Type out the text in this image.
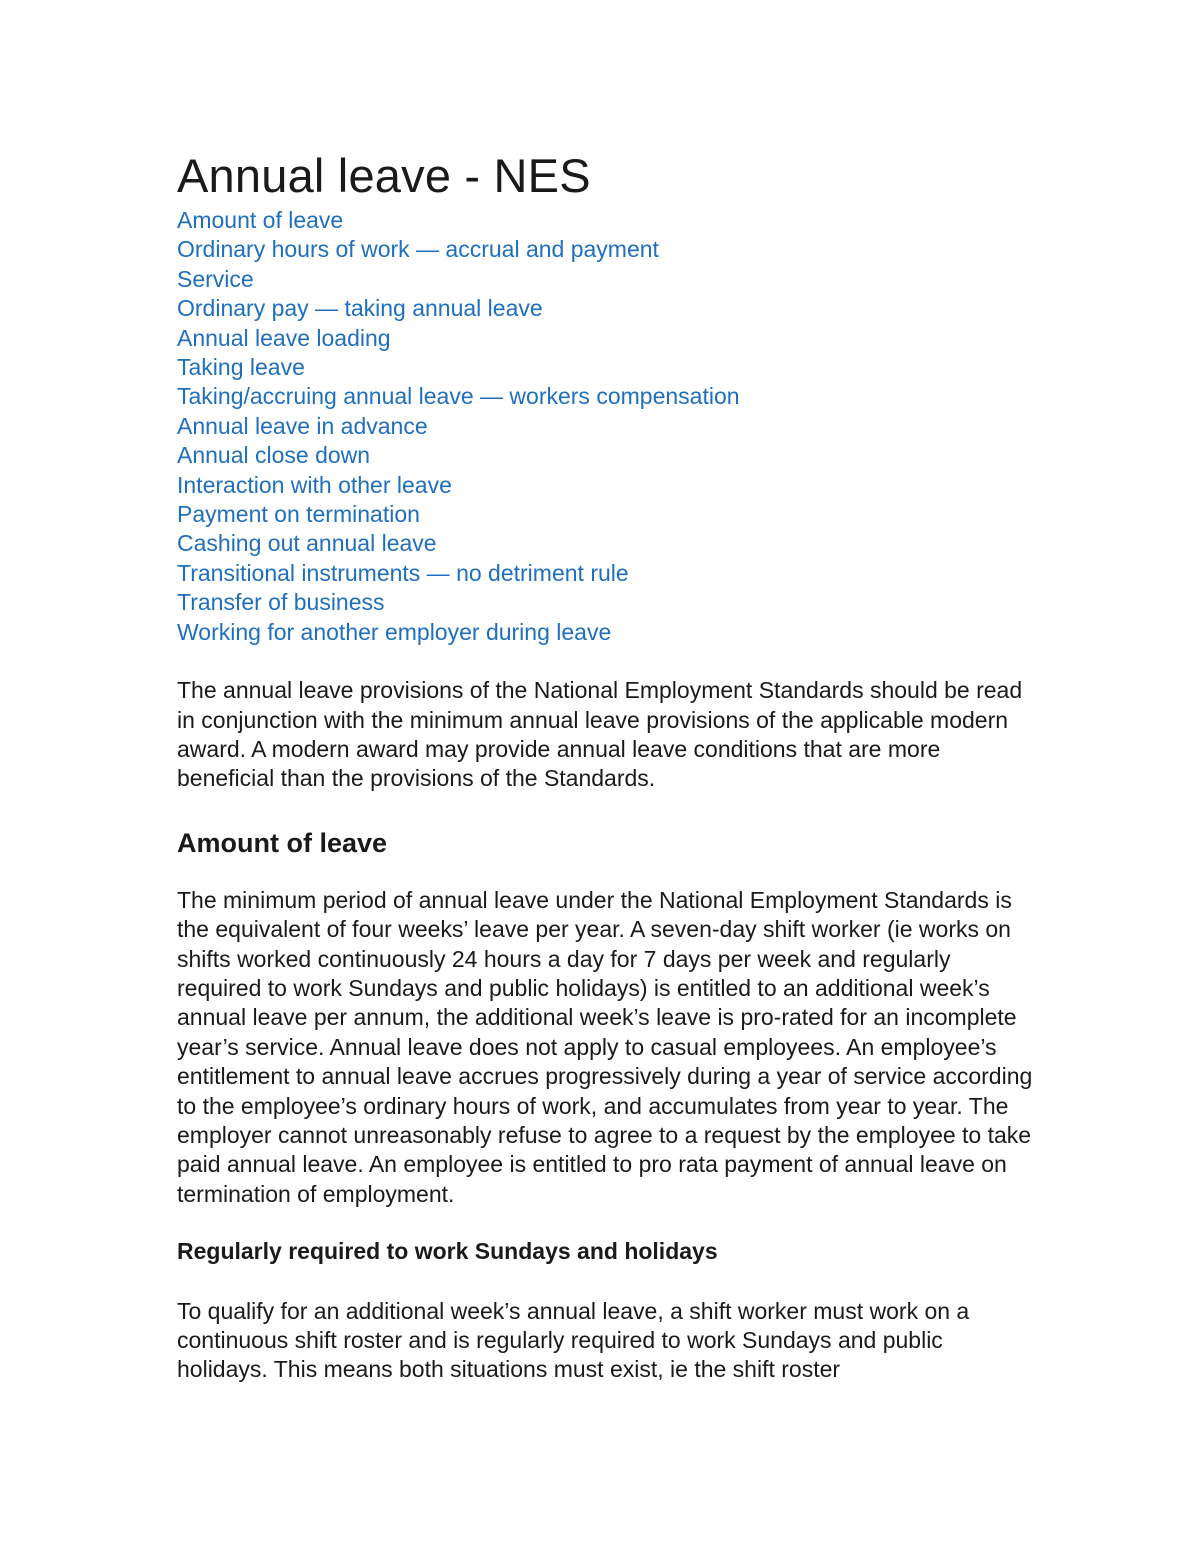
Annual leave - NES
Amount of leave
Ordinary hours of work — accrual and payment
Service
Ordinary pay — taking annual leave
Annual leave loading
Taking leave
Taking/accruing annual leave — workers compensation
Annual leave in advance
Annual close down
Interaction with other leave
Payment on termination
Cashing out annual leave
Transitional instruments — no detriment rule
Transfer of business
Working for another employer during leave

The annual leave provisions of the National Employment Standards should be read in conjunction with the minimum annual leave provisions of the applicable modern award. A modern award may provide annual leave conditions that are more beneficial than the provisions of the Standards.

Amount of leave

The minimum period of annual leave under the National Employment Standards is the equivalent of four weeks’ leave per year. A seven-day shift worker (ie works on shifts worked continuously 24 hours a day for 7 days per week and regularly required to work Sundays and public holidays) is entitled to an additional week’s annual leave per annum, the additional week’s leave is pro-rated for an incomplete year’s service. Annual leave does not apply to casual employees. An employee’s entitlement to annual leave accrues progressively during a year of service according to the employee’s ordinary hours of work, and accumulates from year to year. The employer cannot unreasonably refuse to agree to a request by the employee to take paid annual leave. An employee is entitled to pro rata payment of annual leave on termination of employment.

Regularly required to work Sundays and holidays

To qualify for an additional week’s annual leave, a shift worker must work on a continuous shift roster and is regularly required to work Sundays and public holidays. This means both situations must exist, ie the shift roster
